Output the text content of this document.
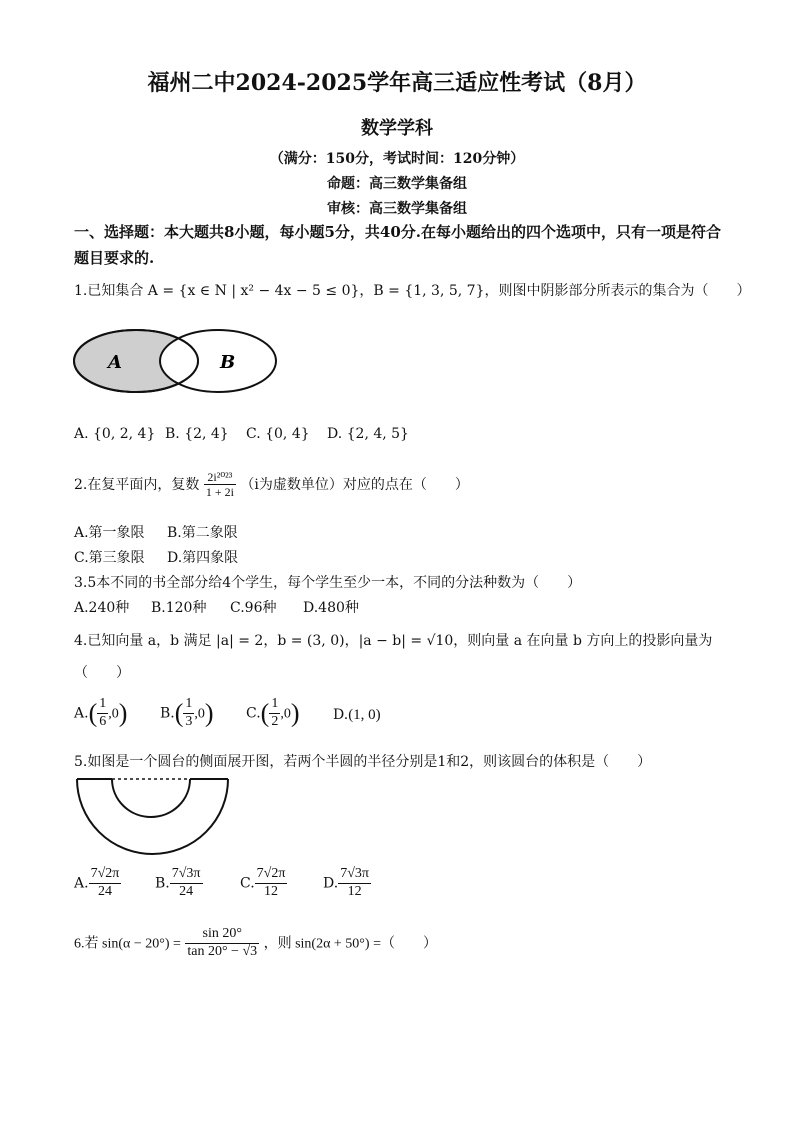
福州二中2024-2025学年高三适应性考试（8月）
数学学科
（满分：150分，考试时间：120分钟）
命题：高三数学集备组
审核：高三数学集备组
一、选择题：本大题共8小题，每小题5分，共40分.在每小题给出的四个选项中，只有一项是符合题目要求的.
1.已知集合 A = {x ∈ N | x² − 4x − 5 ≤ 0}，B = {1, 3, 5, 7}，则图中阴影部分所表示的集合为（　　）
A	B
A. {0, 2, 4} B. {2, 4} C. {0, 4} D. {2, 4, 5}
2.在复平面内，复数 $\frac{\text{2i²⁰²³}}{1 + 2i} (i$为虚数单位）对应的点在（　　）
A.第一象限 B.第二象限
C.第三象限 D.第四象限
3.5本不同的书全部分给4个学生，每个学生至少一本，不同的分法种数为（　　）
A.240种 B.120种 C.96种 D.480种
4.已知向量 a，b 满足 |a| = 2，b = (3, 0)，|a − b| = √10，则向量 a 在向量 b 方向上的投影向量为
（　　）
$A.( \frac{1}{6} ,0)$ $B.( \frac{1}{3} ,0)$ $C.( \frac{1}{2} ,0)$ D.(1, 0)
5.如图是一个圆台的侧面展开图，若两个半圆的半径分别是1和2，则该圆台的体积是（　　）
A. $\frac{7√2\pi}{24} B$. $\frac{7√3\pi}{24}$	C. $\frac{7√2\pi}{12}$	D. $\frac{7√3\pi}{12}$
6.若 $\sin(\alpha - 20^\circ) = \frac{\sin 20^\circ}{\tan 20^\circ - √3}$ ，则 sin(2α + 50°) =（　　）
